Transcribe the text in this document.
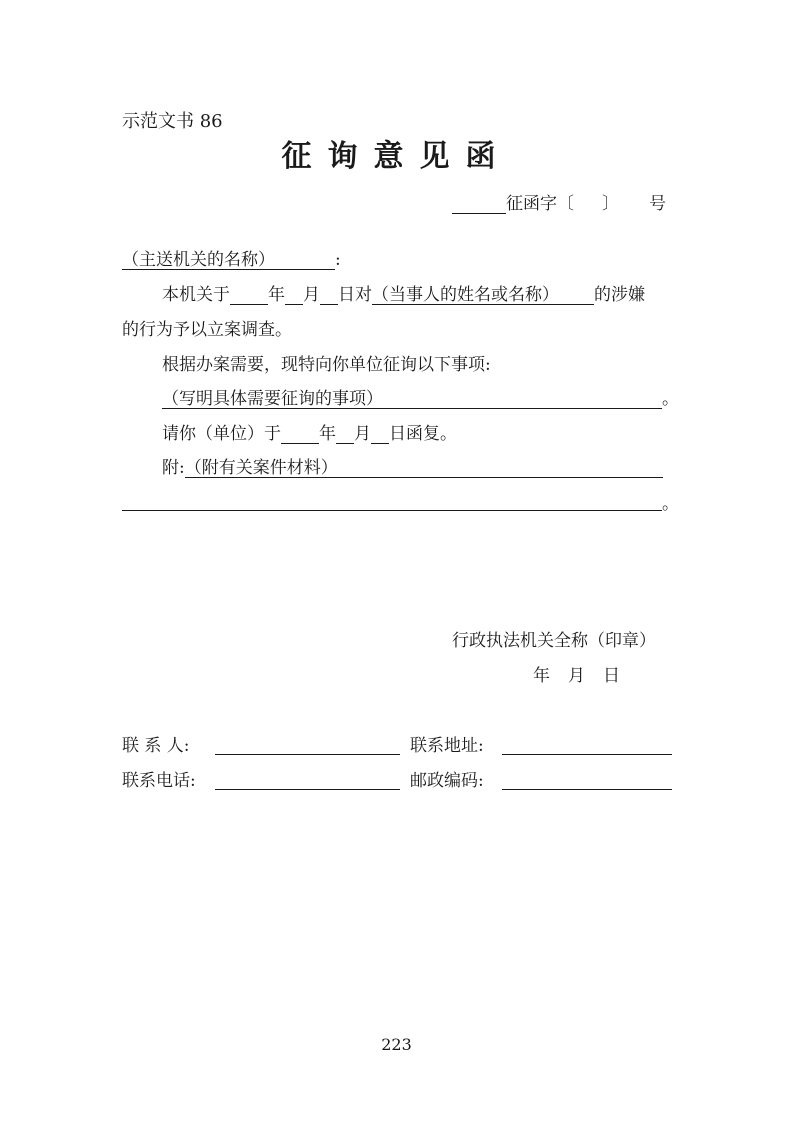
示范文书 86
征询意见函
征函字〔 〕 号
（主送机关的名称）	:
本机关于 年 月 日对（当事人的姓名或名称） 的涉嫌
的行为予以立案调查。
根据办案需要，现特向你单位征询以下事项:
（写明具体需要征询的事项）	。
请你（单位）于 年 月 日函复。
附:（附有关案件材料）
。
行政执法机关全称（印章）
年 月 日
联 系 人:	联系地址:
联系电话:	邮政编码:
223
